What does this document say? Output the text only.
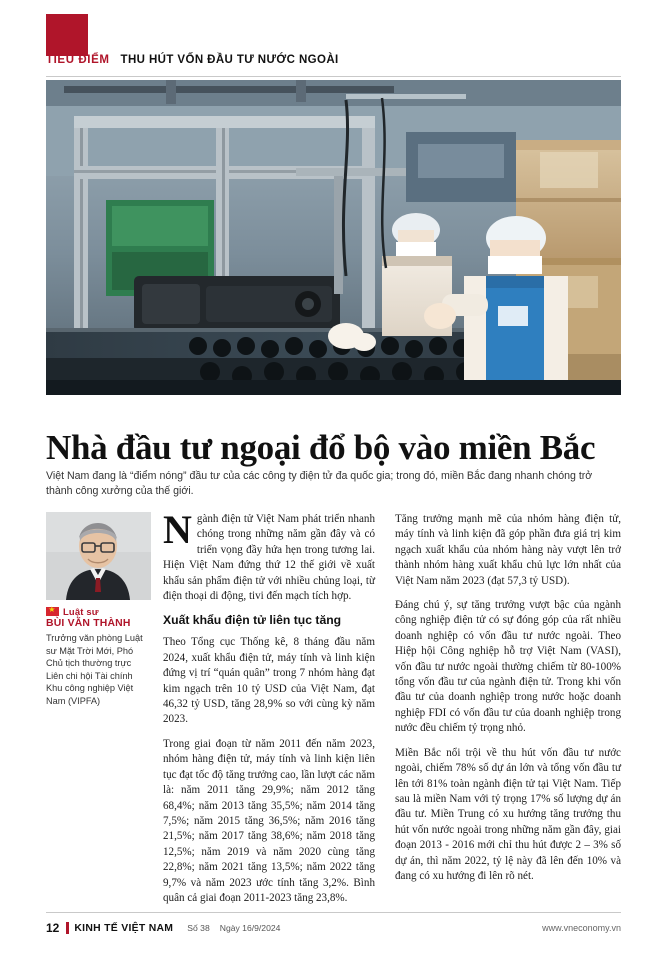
TIÊU ĐIỂM THU HÚT VỐN ĐẦU TƯ NƯỚC NGOÀI
Nhà đầu tư ngoại đổ bộ vào miền Bắc

Việt Nam đang là “điểm nóng” đầu tư của các công ty điện tử đa quốc gia; trong đó, miền Bắc đang nhanh chóng trở thành công xưởng của thế giới.

★
Luật sư
BÙI VĂN THÀNH
Trưởng văn phòng Luật sư Mặt Trời Mới, Phó Chủ tịch thường trực Liên chi hội Tài chính Khu công nghiệp Việt Nam (VIPFA)

N gành điện tử Việt Nam phát triển nhanh chóng trong những năm gần đây và có triển vọng đầy hứa hẹn trong tương lai. Hiện Việt Nam đứng thứ 12 thế giới về xuất khẩu sản phẩm điện tử với nhiều chủng loại, từ điện thoại di động, tivi đến mạch tích hợp.

Xuất khẩu điện tử liên tục tăng

Theo Tổng cục Thống kê, 8 tháng đầu năm 2024, xuất khẩu điện tử, máy tính và linh kiện đứng vị trí “quán quân” trong 7 nhóm hàng đạt kim ngạch trên 10 tỷ USD của Việt Nam, đạt 46,32 tỷ USD, tăng 28,9% so với cùng kỳ năm 2023.

Trong giai đoạn từ năm 2011 đến năm 2023, nhóm hàng điện tử, máy tính và linh kiện liên tục đạt tốc độ tăng trưởng cao, lần lượt các năm là: năm 2011 tăng 29,9%; năm 2012 tăng 68,4%; năm 2013 tăng 35,5%; năm 2014 tăng 7,5%; năm 2015 tăng 36,5%; năm 2016 tăng 21,5%; năm 2017 tăng 38,6%; năm 2018 tăng 12,5%; năm 2019 và năm 2020 cùng tăng 22,8%; năm 2021 tăng 13,5%; năm 2022 tăng 9,7% và năm 2023 ước tính tăng 3,2%. Bình quân cả giai đoạn 2011-2023 tăng 23,8%.

Tăng trưởng mạnh mẽ của nhóm hàng điện tử, máy tính và linh kiện đã góp phần đưa giá trị kim ngạch xuất khẩu của nhóm hàng này vượt lên trở thành nhóm hàng xuất khẩu chủ lực lớn nhất của Việt Nam năm 2023 (đạt 57,3 tỷ USD).

Đáng chú ý, sự tăng trưởng vượt bậc của ngành công nghiệp điện tử có sự đóng góp của rất nhiều doanh nghiệp có vốn đầu tư nước ngoài. Theo Hiệp hội Công nghiệp hỗ trợ Việt Nam (VASI), vốn đầu tư nước ngoài thường chiếm từ 80-100% tổng vốn đầu tư của ngành điện tử. Trong khi vốn đầu tư của doanh nghiệp trong nước hoặc doanh nghiệp FDI có vốn đầu tư của doanh nghiệp trong nước đều chiếm tỷ trọng nhỏ.

Miền Bắc nổi trội về thu hút vốn đầu tư nước ngoài, chiếm 78% số dự án lớn và tổng vốn đầu tư lên tới 81% toàn ngành điện tử tại Việt Nam. Tiếp sau là miền Nam với tỷ trọng 17% số lượng dự án đầu tư. Miền Trung có xu hướng tăng trưởng thu hút vốn nước ngoài trong những năm gần đây, giai đoạn 2013 - 2016 mới chỉ thu hút được 2 – 3% số dự án, thì năm 2022, tỷ lệ này đã lên đến 10% và đang có xu hướng đi lên rõ nét.

12 KINH TẾ VIỆT NAM Số 38 Ngày 16/9/2024	www.vneconomy.vn
